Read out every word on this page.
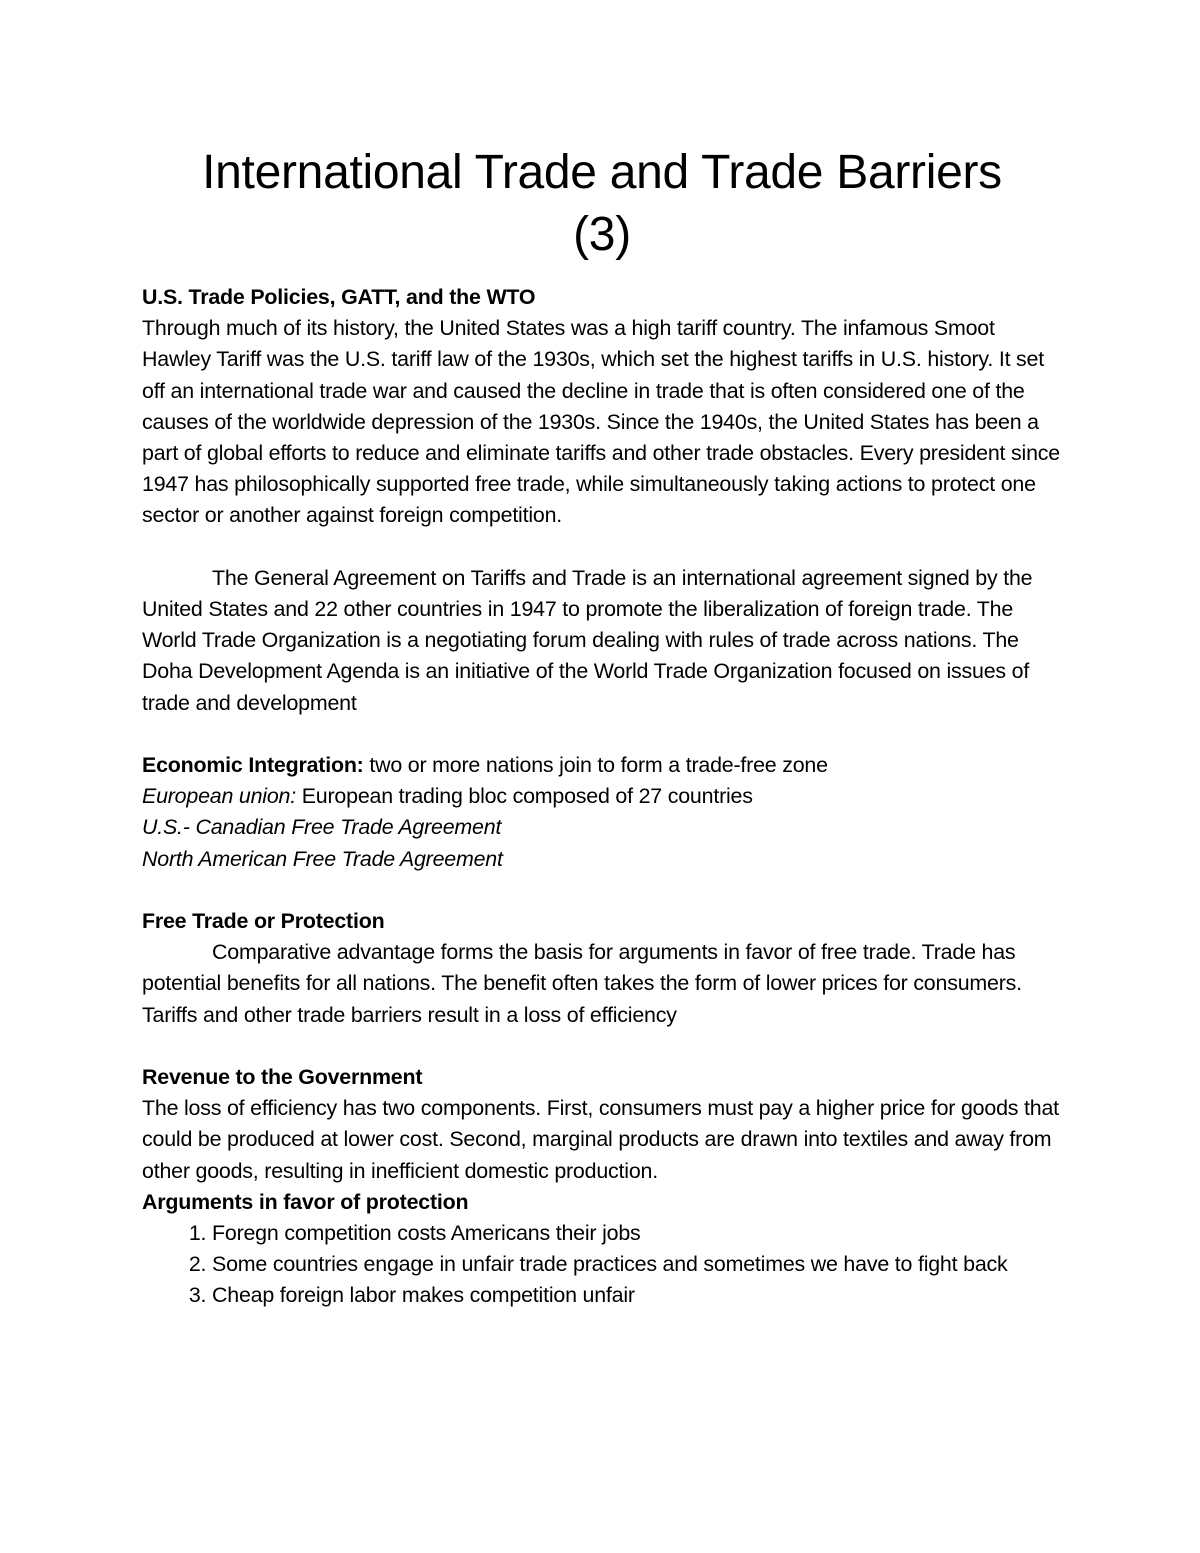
International Trade and Trade Barriers
(3)

U.S. Trade Policies, GATT, and the WTO

Through much of its history, the United States was a high tariff country. The infamous Smoot Hawley Tariff was the U.S. tariff law of the 1930s, which set the highest tariffs in U.S. history. It set off an international trade war and caused the decline in trade that is often considered one of the causes of the worldwide depression of the 1930s. Since the 1940s, the United States has been a part of global efforts to reduce and eliminate tariffs and other trade obstacles. Every president since 1947 has philosophically supported free trade, while simultaneously taking actions to protect one sector or another against foreign competition.

The General Agreement on Tariffs and Trade is an international agreement signed by the United States and 22 other countries in 1947 to promote the liberalization of foreign trade. The World Trade Organization is a negotiating forum dealing with rules of trade across nations. The Doha Development Agenda is an initiative of the World Trade Organization focused on issues of trade and development

Economic Integration: two or more nations join to form a trade-free zone

European union: European trading bloc composed of 27 countries

U.S.- Canadian Free Trade Agreement

North American Free Trade Agreement

Free Trade or Protection

Comparative advantage forms the basis for arguments in favor of free trade. Trade has potential benefits for all nations. The benefit often takes the form of lower prices for consumers. Tariffs and other trade barriers result in a loss of efficiency

Revenue to the Government

The loss of efficiency has two components. First, consumers must pay a higher price for goods that could be produced at lower cost. Second, marginal products are drawn into textiles and away from other goods, resulting in inefficient domestic production.

Arguments in favor of protection

1. Foregn competition costs Americans their jobs
2. Some countries engage in unfair trade practices and sometimes we have to fight back
3. Cheap foreign labor makes competition unfair
